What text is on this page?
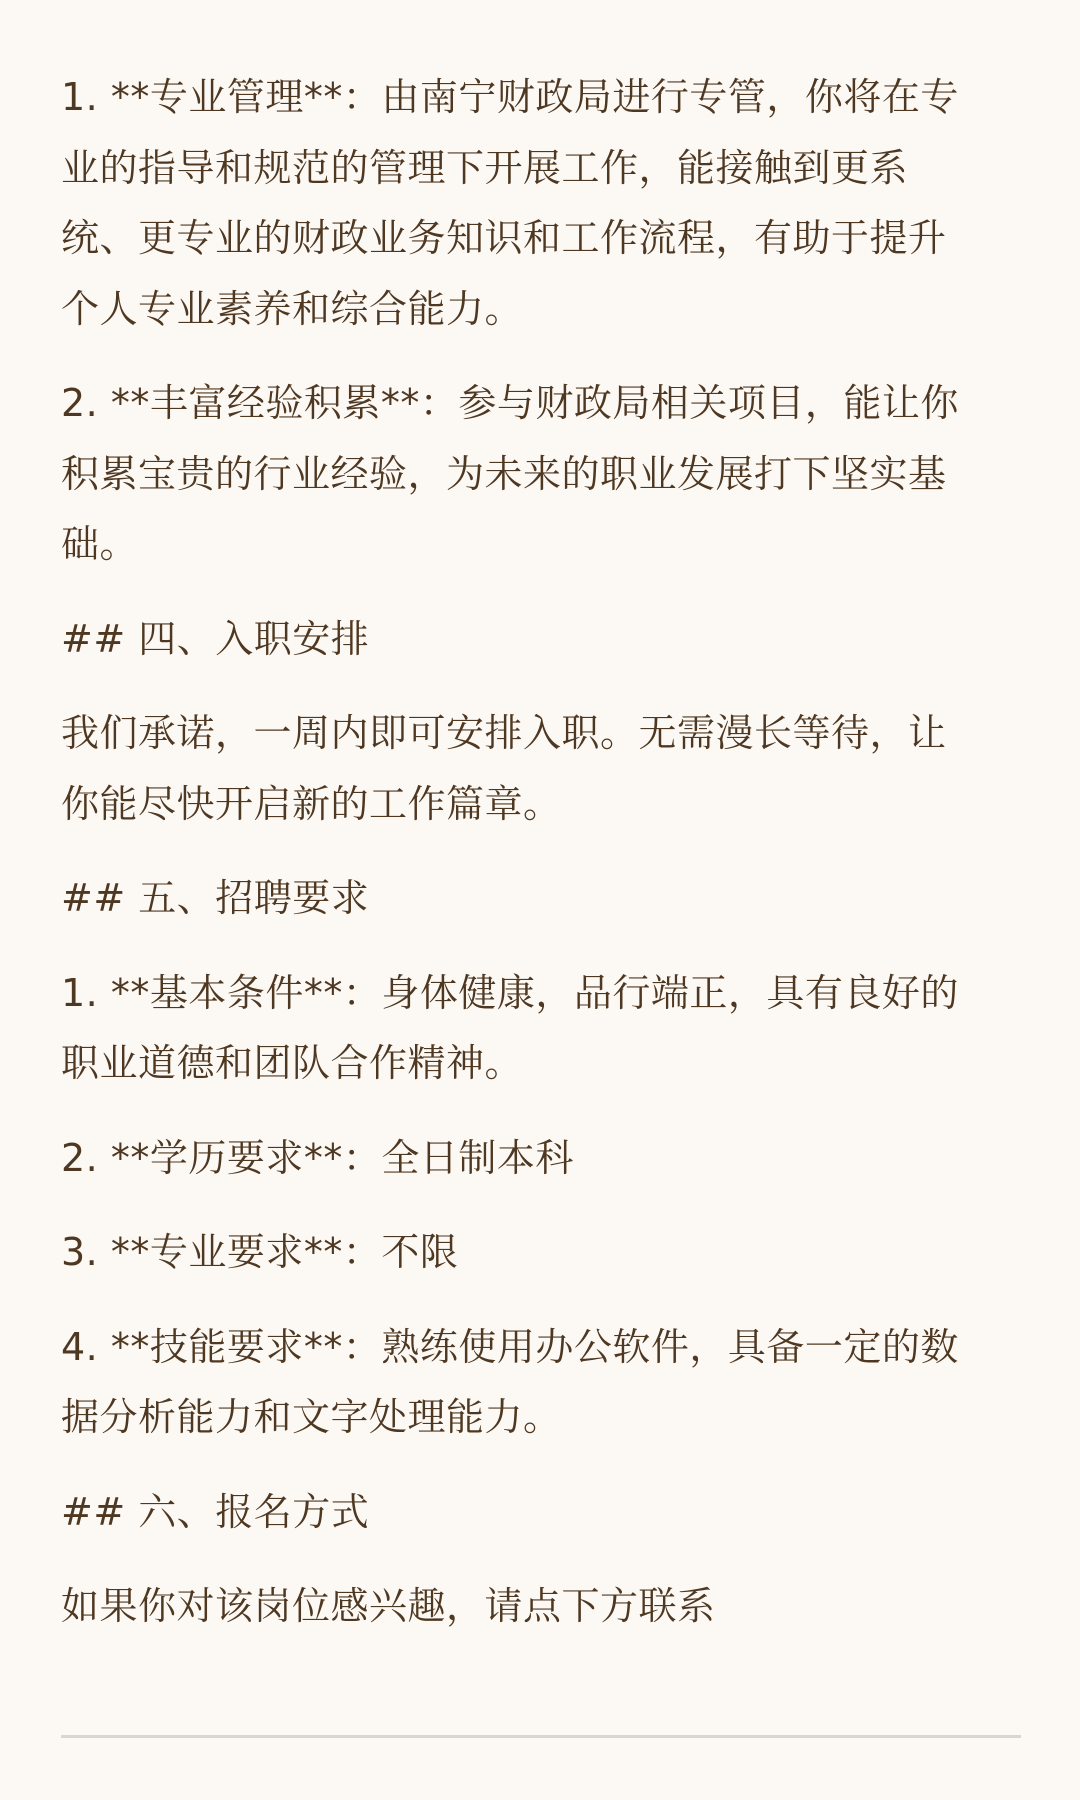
1. **专业管理**：由南宁财政局进行专管，你将在专
业的指导和规范的管理下开展工作，能接触到更系
统、更专业的财政业务知识和工作流程，有助于提升
个人专业素养和综合能力。
2. **丰富经验积累**：参与财政局相关项目，能让你
积累宝贵的行业经验，为未来的职业发展打下坚实基
础。
## 四、入职安排
我们承诺，一周内即可安排入职。无需漫长等待，让
你能尽快开启新的工作篇章。
## 五、招聘要求
1. **基本条件**：身体健康，品行端正，具有良好的
职业道德和团队合作精神。
2. **学历要求**：全日制本科
3. **专业要求**：不限
4. **技能要求**：熟练使用办公软件，具备一定的数
据分析能力和文字处理能力。
## 六、报名方式
如果你对该岗位感兴趣，请点下方联系
